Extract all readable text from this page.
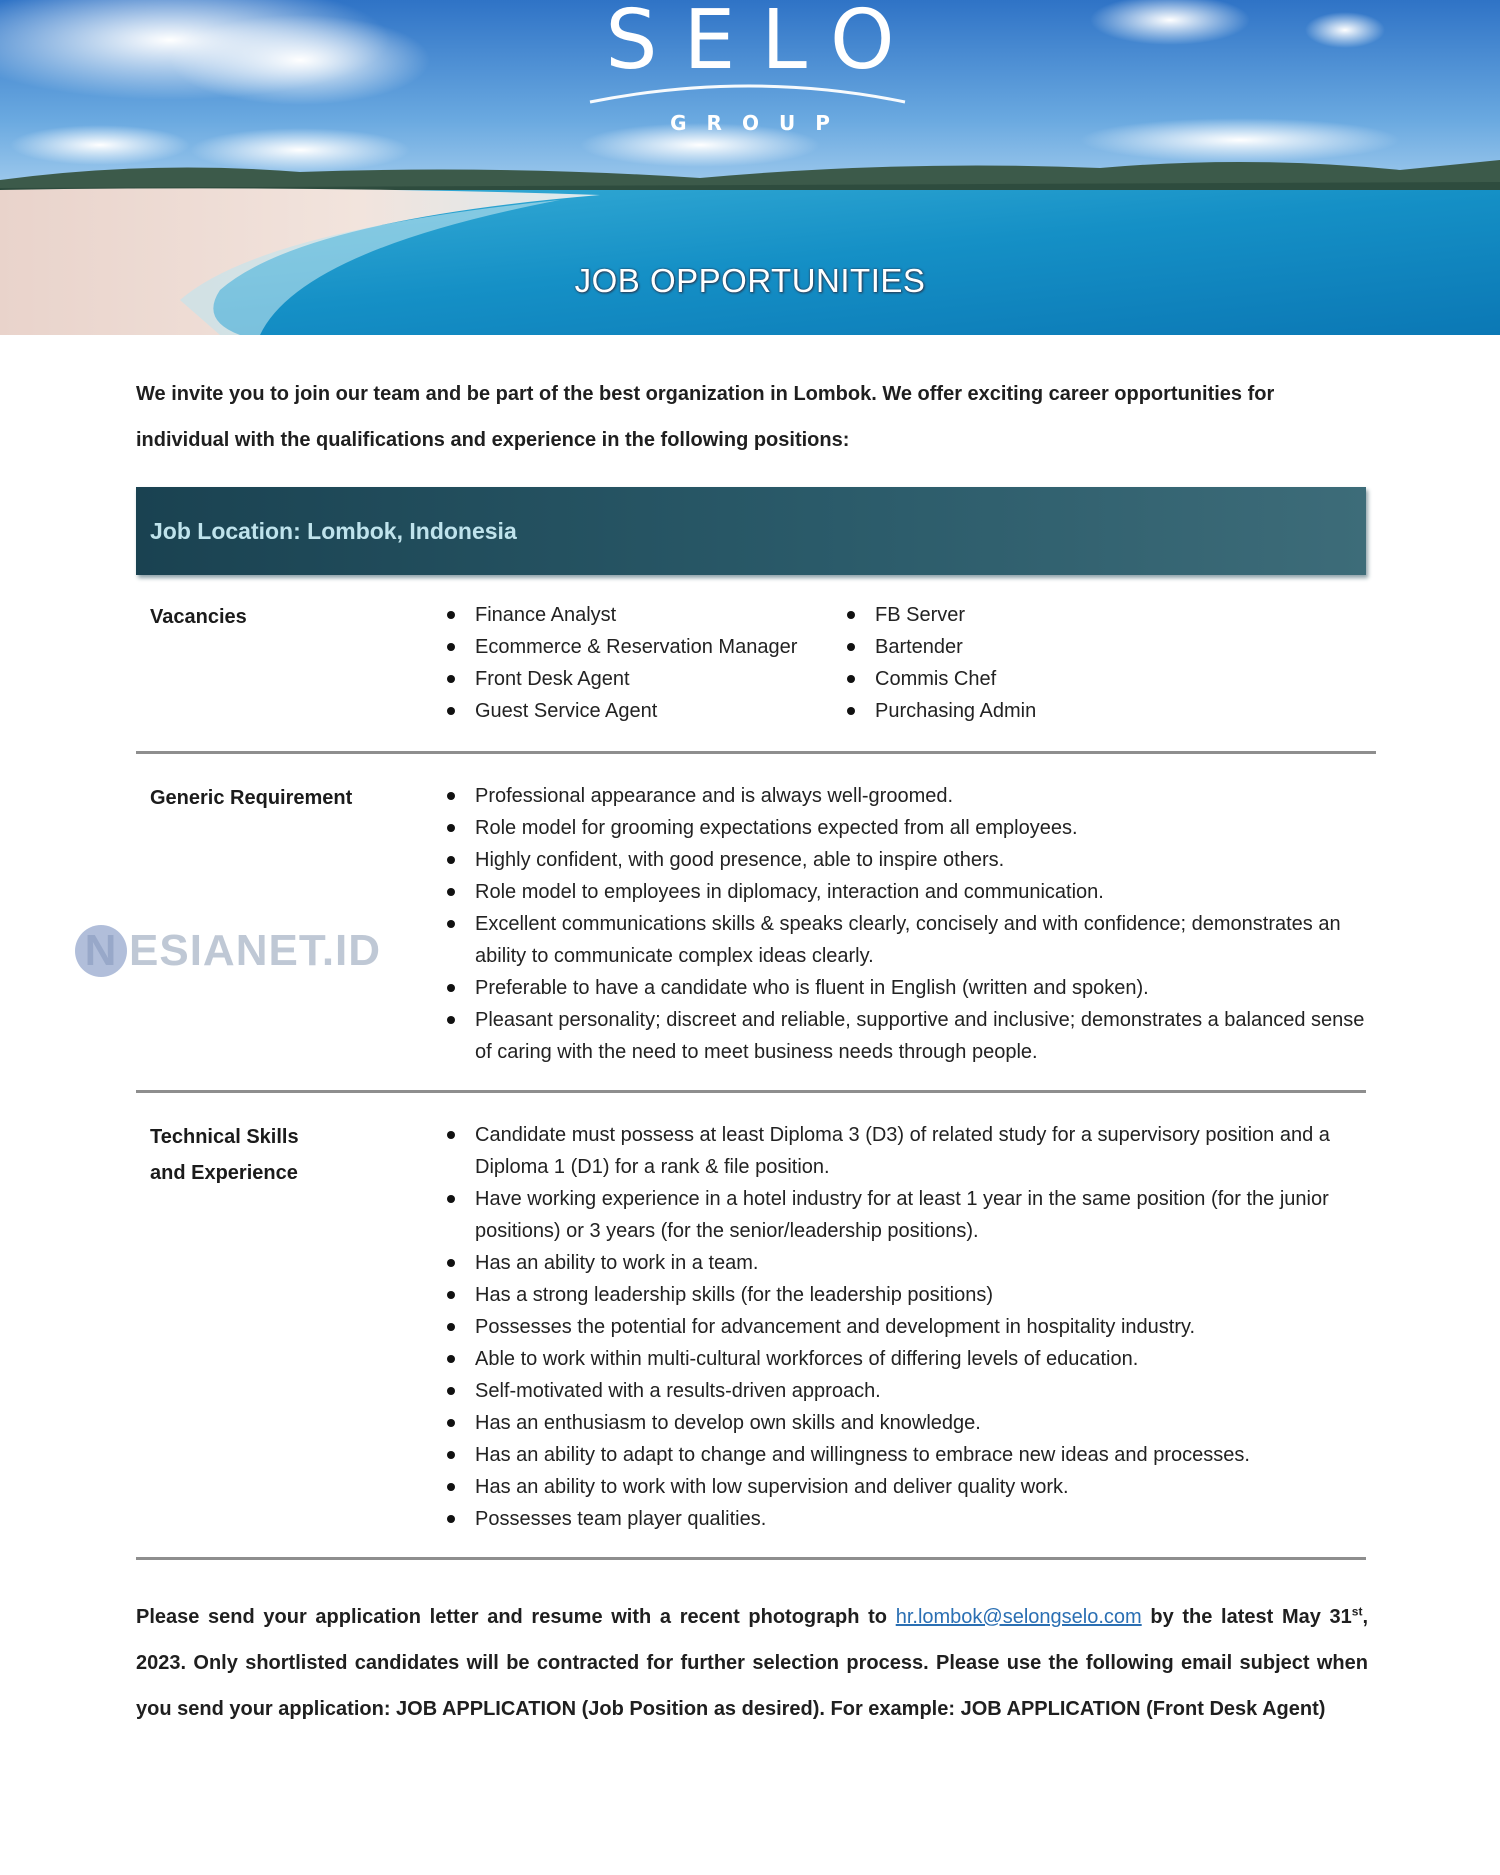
SELO
GROUP
JOB OPPORTUNITIES
We invite you to join our team and be part of the best organization in Lombok. We offer exciting career opportunities for individual with the qualifications and experience in the following positions:
Job Location: Lombok, Indonesia
Vacancies	Finance Analyst
Ecommerce & Reservation Manager
Front Desk Agent
Guest Service Agent
FB Server
Bartender
Commis Chef
Purchasing Admin
Generic Requirement	Professional appearance and is always well-groomed.
Role model for grooming expectations expected from all employees.
Highly confident, with good presence, able to inspire others.
Role model to employees in diplomacy, interaction and communication.
Excellent communications skills & speaks clearly, concisely and with confidence; demonstrates an ability to communicate complex ideas clearly.
Preferable to have a candidate who is fluent in English (written and spoken).
Pleasant personality; discreet and reliable, supportive and inclusive; demonstrates a balanced sense of caring with the need to meet business needs through people.
Technical Skills
and Experience
Candidate must possess at least Diploma 3 (D3) of related study for a supervisory position and a Diploma 1 (D1) for a rank & file position.
Have working experience in a hotel industry for at least 1 year in the same position (for the junior positions) or 3 years (for the senior/leadership positions).
Has an ability to work in a team.
Has a strong leadership skills (for the leadership positions)
Possesses the potential for advancement and development in hospitality industry.
Able to work within multi-cultural workforces of differing levels of education.
Self-motivated with a results-driven approach.
Has an enthusiasm to develop own skills and knowledge.
Has an ability to adapt to change and willingness to embrace new ideas and processes.
Has an ability to work with low supervision and deliver quality work.
Possesses team player qualities.
Please send your application letter and resume with a recent photograph to hr.lombok@selongselo.com by the latest May 31st, 2023. Only shortlisted candidates will be contracted for further selection process. Please use the following email subject when you send your application: JOB APPLICATION (Job Position as desired). For example: JOB APPLICATION (Front Desk Agent)
N ESIANET.ID
